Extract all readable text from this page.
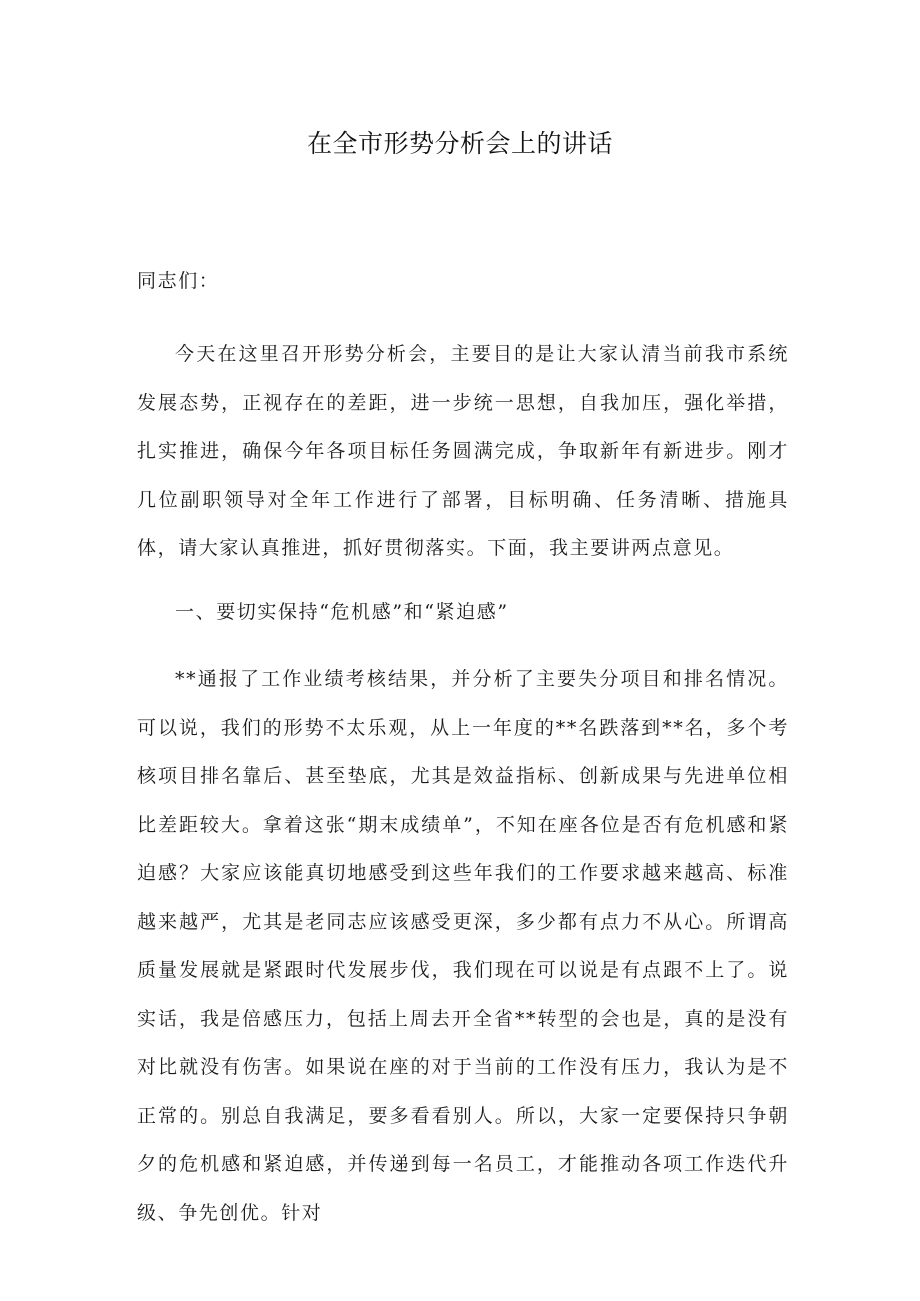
在全市形势分析会上的讲话

同志们：

今天在这里召开形势分析会，主要目的是让大家认清当前我市系统发展态势，正视存在的差距，进一步统一思想，自我加压，强化举措，扎实推进，确保今年各项目标任务圆满完成，争取新年有新进步。刚才几位副职领导对全年工作进行了部署，目标明确、任务清晰、措施具体，请大家认真推进，抓好贯彻落实。下面，我主要讲两点意见。

一、要切实保持“危机感”和“紧迫感”

**通报了工作业绩考核结果，并分析了主要失分项目和排名情况。可以说，我们的形势不太乐观，从上一年度的**名跌落到**名，多个考核项目排名靠后、甚至垫底，尤其是效益指标、创新成果与先进单位相比差距较大。拿着这张“期末成绩单”，不知在座各位是否有危机感和紧迫感？大家应该能真切地感受到这些年我们的工作要求越来越高、标准越来越严，尤其是老同志应该感受更深，多少都有点力不从心。所谓高质量发展就是紧跟时代发展步伐，我们现在可以说是有点跟不上了。说实话，我是倍感压力，包括上周去开全省**转型的会也是，真的是没有对比就没有伤害。如果说在座的对于当前的工作没有压力，我认为是不正常的。别总自我满足，要多看看别人。所以，大家一定要保持只争朝夕的危机感和紧迫感，并传递到每一名员工，才能推动各项工作迭代升级、争先创优。针对
